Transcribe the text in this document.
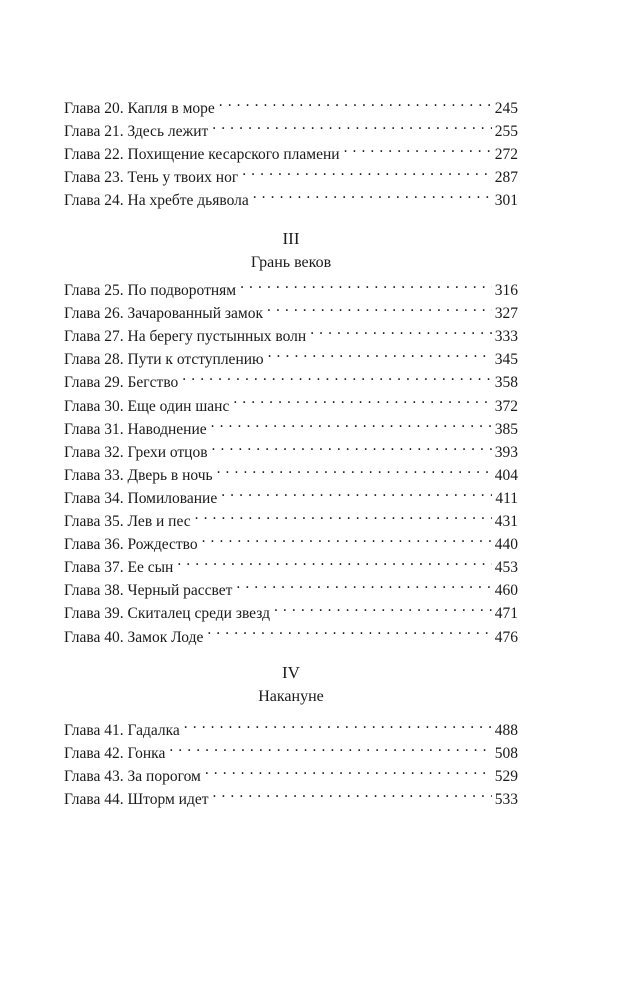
Глава 20. Капля в море . . .	245
Глава 21. Здесь лежит . . .	255
Глава 22. Похищение кесарского пламени . . .	272
Глава 23. Тень у твоих ног . . .	287
Глава 24. На хребте дьявола . . .	301
III
Грань веков
Глава 25. По подворотням . . .	316
Глава 26. Зачарованный замок . . .	327
Глава 27. На берегу пустынных волн . . .	333
Глава 28. Пути к отступлению . . .	345
Глава 29. Бегство . . .	358
Глава 30. Еще один шанс . . .	372
Глава 31. Наводнение . . .	385
Глава 32. Грехи отцов . . .	393
Глава 33. Дверь в ночь . . .	404
Глава 34. Помилование . . .	411
Глава 35. Лев и пес . . .	431
Глава 36. Рождество . . .	440
Глава 37. Ее сын . . .	453
Глава 38. Черный рассвет . . .	460
Глава 39. Скиталец среди звезд . . .	471
Глава 40. Замок Лоде . . .	476
IV
Накануне
Глава 41. Гадалка . . .	488
Глава 42. Гонка . . .	508
Глава 43. За порогом . . .	529
Глава 44. Шторм идет . . .	533
